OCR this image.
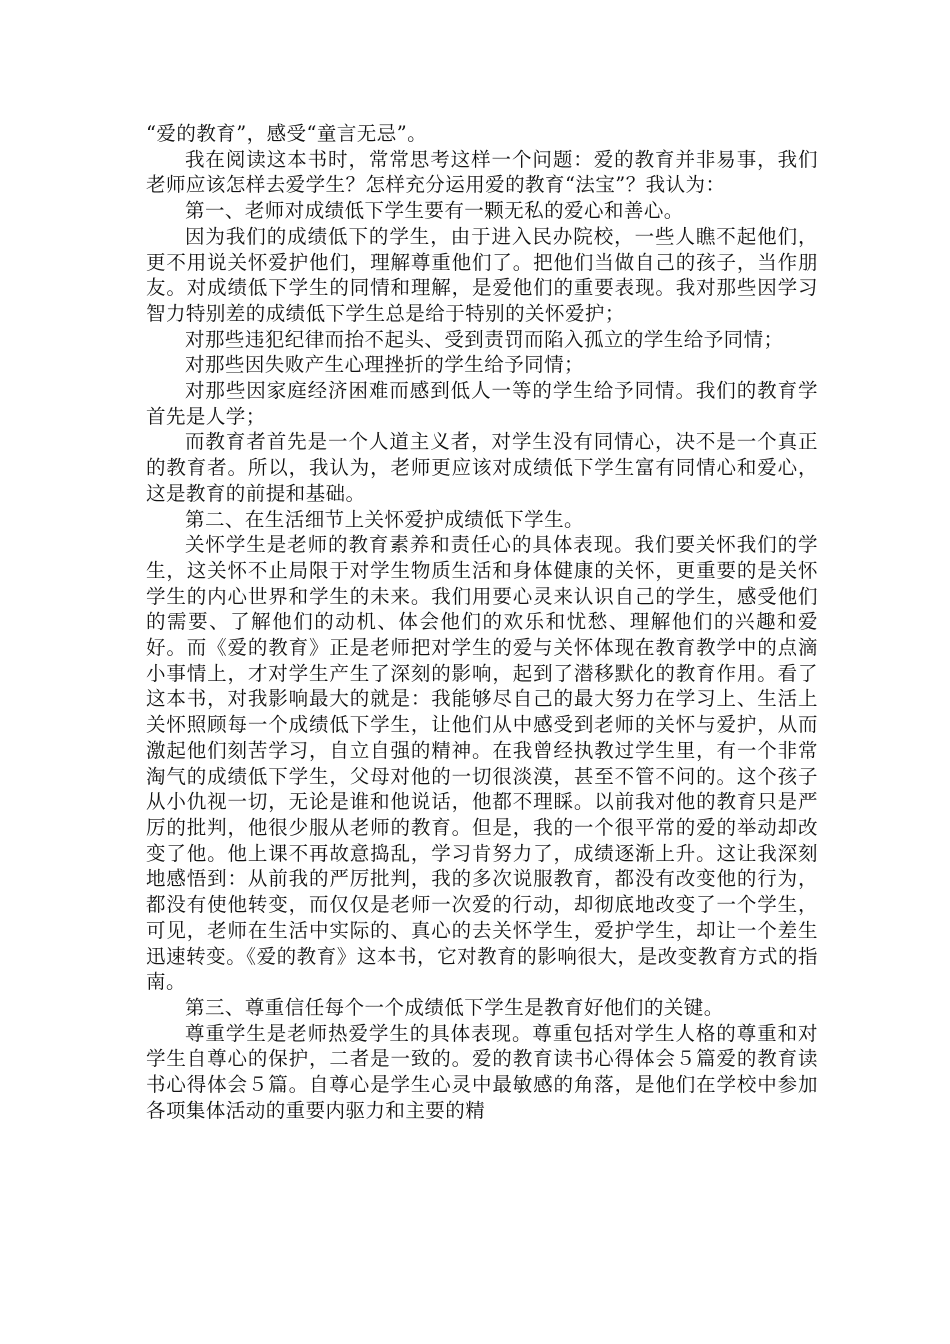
“爱的教育”，感受“童言无忌”。

我在阅读这本书时，常常思考这样一个问题：爱的教育并非易事，我们老师应该怎样去爱学生？怎样充分运用爱的教育“法宝”？我认为：

第一、老师对成绩低下学生要有一颗无私的爱心和善心。

因为我们的成绩低下的学生，由于进入民办院校，一些人瞧不起他们，更不用说关怀爱护他们，理解尊重他们了。把他们当做自己的孩子，当作朋友。对成绩低下学生的同情和理解，是爱他们的重要表现。我对那些因学习智力特别差的成绩低下学生总是给于特别的关怀爱护；

对那些违犯纪律而抬不起头、受到责罚而陷入孤立的学生给予同情；

对那些因失败产生心理挫折的学生给予同情；

对那些因家庭经济困难而感到低人一等的学生给予同情。我们的教育学首先是人学；

而教育者首先是一个人道主义者，对学生没有同情心，决不是一个真正的教育者。所以，我认为，老师更应该对成绩低下学生富有同情心和爱心，这是教育的前提和基础。

第二、在生活细节上关怀爱护成绩低下学生。

关怀学生是老师的教育素养和责任心的具体表现。我们要关怀我们的学生，这关怀不止局限于对学生物质生活和身体健康的关怀，更重要的是关怀学生的内心世界和学生的未来。我们用要心灵来认识自己的学生，感受他们的需要、了解他们的动机、体会他们的欢乐和忧愁、理解他们的兴趣和爱好。而《爱的教育》正是老师把对学生的爱与关怀体现在教育教学中的点滴小事情上，才对学生产生了深刻的影响，起到了潜移默化的教育作用。看了这本书，对我影响最大的就是：我能够尽自己的最大努力在学习上、生活上关怀照顾每一个成绩低下学生，让他们从中感受到老师的关怀与爱护，从而激起他们刻苦学习，自立自强的精神。在我曾经执教过学生里，有一个非常淘气的成绩低下学生，父母对他的一切很淡漠，甚至不管不问的。这个孩子从小仇视一切，无论是谁和他说话，他都不理睬。以前我对他的教育只是严厉的批判，他很少服从老师的教育。但是，我的一个很平常的爱的举动却改变了他。他上课不再故意捣乱，学习肯努力了，成绩逐渐上升。这让我深刻地感悟到：从前我的严厉批判，我的多次说服教育，都没有改变他的行为，都没有使他转变，而仅仅是老师一次爱的行动，却彻底地改变了一个学生，可见，老师在生活中实际的、真心的去关怀学生，爱护学生，却让一个差生迅速转变。《爱的教育》这本书，它对教育的影响很大，是改变教育方式的指南。

第三、尊重信任每个一个成绩低下学生是教育好他们的关键。

尊重学生是老师热爱学生的具体表现。尊重包括对学生人格的尊重和对学生自尊心的保护，二者是一致的。爱的教育读书心得体会５篇爱的教育读书心得体会５篇。自尊心是学生心灵中最敏感的角落，是他们在学校中参加各项集体活动的重要内驱力和主要的精
